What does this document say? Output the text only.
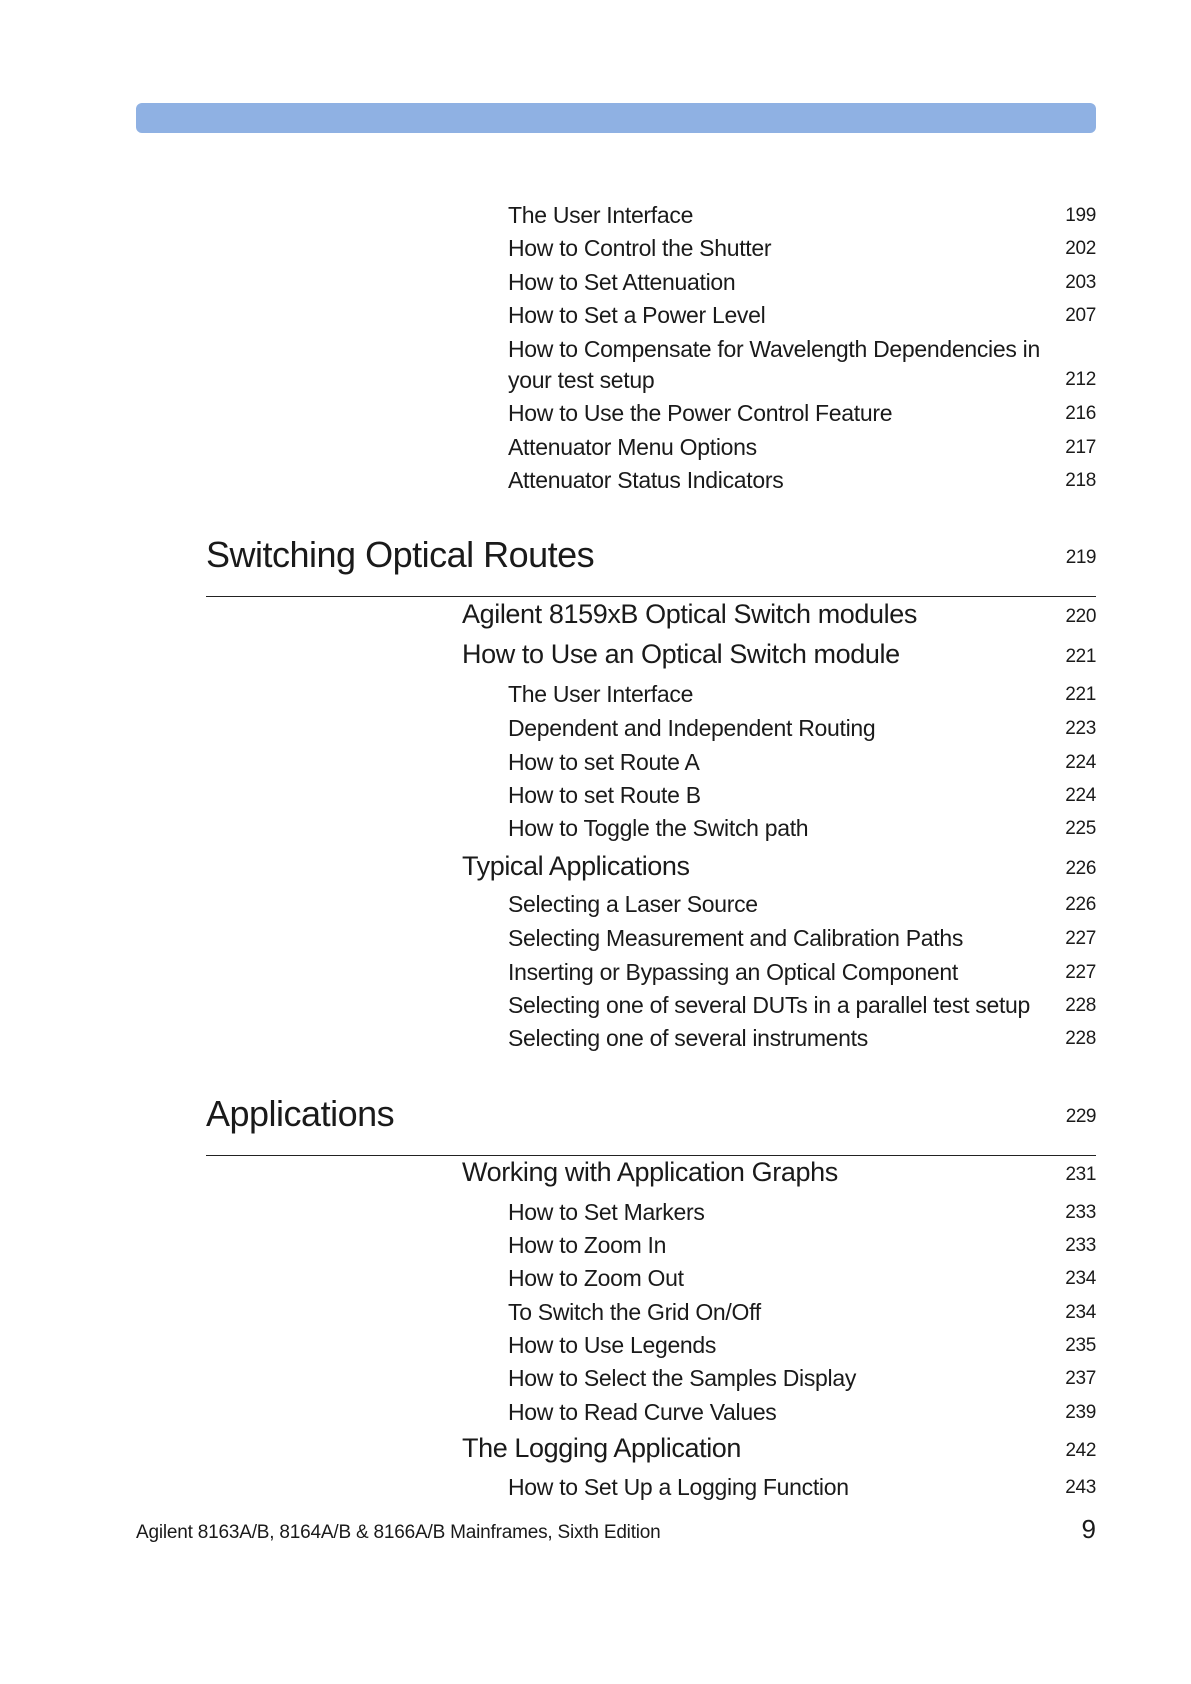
The User Interface	199
How to Control the Shutter	202
How to Set Attenuation	203
How to Set a Power Level	207
How to Compensate for Wavelength Dependencies in your test setup	212
How to Use the Power Control Feature	216
Attenuator Menu Options	217
Attenuator Status Indicators	218
Switching Optical Routes	219
Agilent 8159xB Optical Switch modules	220
How to Use an Optical Switch module	221
The User Interface	221
Dependent and Independent Routing	223
How to set Route A	224
How to set Route B	224
How to Toggle the Switch path	225
Typical Applications	226
Selecting a Laser Source	226
Selecting Measurement and Calibration Paths	227
Inserting or Bypassing an Optical Component	227
Selecting one of several DUTs in a parallel test setup 228
Selecting one of several instruments	228
Applications	229
Working with Application Graphs	231
How to Set Markers	233
How to Zoom In	233
How to Zoom Out	234
To Switch the Grid On/Off	234
How to Use Legends	235
How to Select the Samples Display	237
How to Read Curve Values	239
The Logging Application	242
How to Set Up a Logging Function	243
Agilent 8163A/B, 8164A/B & 8166A/B Mainframes, Sixth Edition	9
